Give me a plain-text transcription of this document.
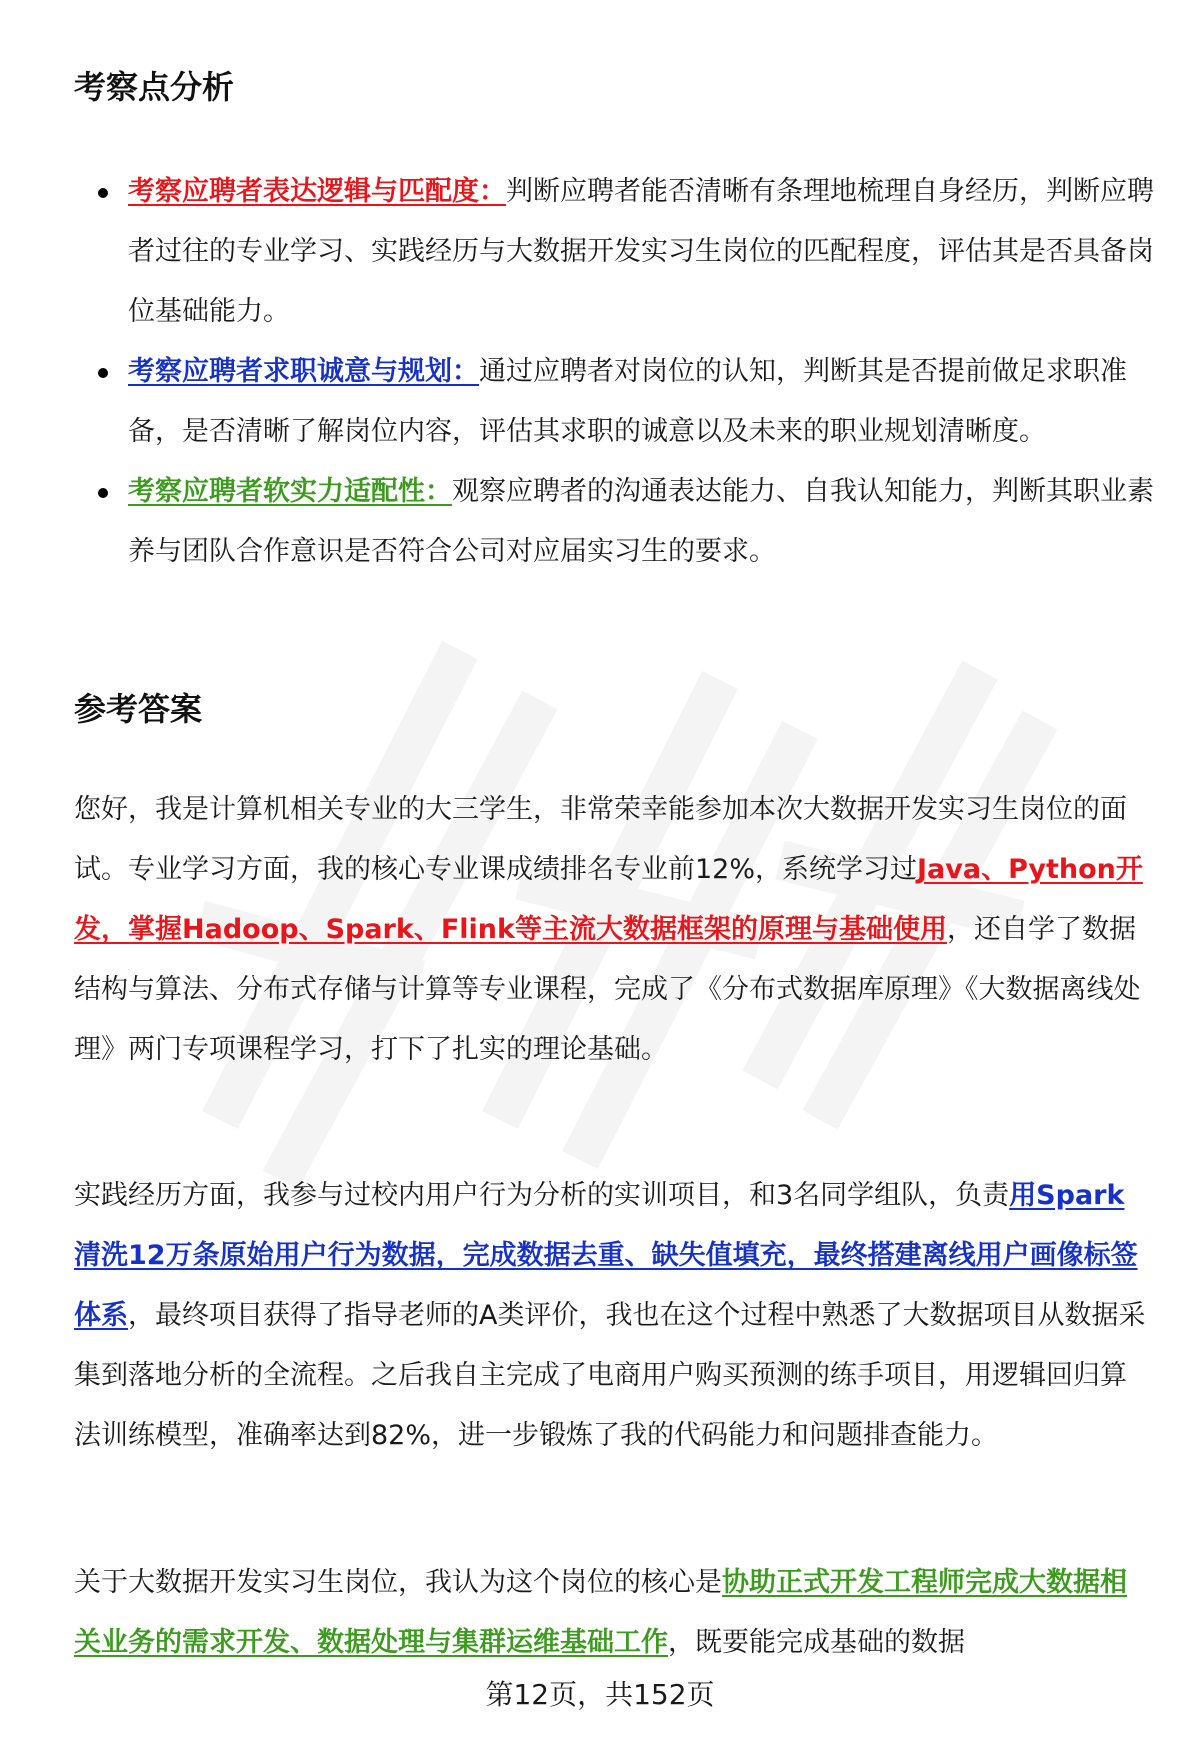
考察点分析
考察应聘者表达逻辑与匹配度：判断应聘者能否清晰有条理地梳理自身经历，判断应聘者过往的专业学习、实践经历与大数据开发实习生岗位的匹配程度，评估其是否具备岗位基础能力。
考察应聘者求职诚意与规划：通过应聘者对岗位的认知，判断其是否提前做足求职准备，是否清晰了解岗位内容，评估其求职的诚意以及未来的职业规划清晰度。
考察应聘者软实力适配性：观察应聘者的沟通表达能力、自我认知能力，判断其职业素养与团队合作意识是否符合公司对应届实习生的要求。
参考答案

您好，我是计算机相关专业的大三学生，非常荣幸能参加本次大数据开发实习生岗位的面试。专业学习方面，我的核心专业课成绩排名专业前12%，系统学习过Java、Python开发，掌握Hadoop、Spark、Flink等主流大数据框架的原理与基础使用，还自学了数据结构与算法、分布式存储与计算等专业课程，完成了《分布式数据库原理》《大数据离线处理》两门专项课程学习，打下了扎实的理论基础。

实践经历方面，我参与过校内用户行为分析的实训项目，和3名同学组队，负责用Spark清洗12万条原始用户行为数据，完成数据去重、缺失值填充，最终搭建离线用户画像标签体系，最终项目获得了指导老师的A类评价，我也在这个过程中熟悉了大数据项目从数据采集到落地分析的全流程。之后我自主完成了电商用户购买预测的练手项目，用逻辑回归算法训练模型，准确率达到82%，进一步锻炼了我的代码能力和问题排查能力。

关于大数据开发实习生岗位，我认为这个岗位的核心是协助正式开发工程师完成大数据相关业务的需求开发、数据处理与集群运维基础工作，既要能完成基础的数据

第12页，共152页
